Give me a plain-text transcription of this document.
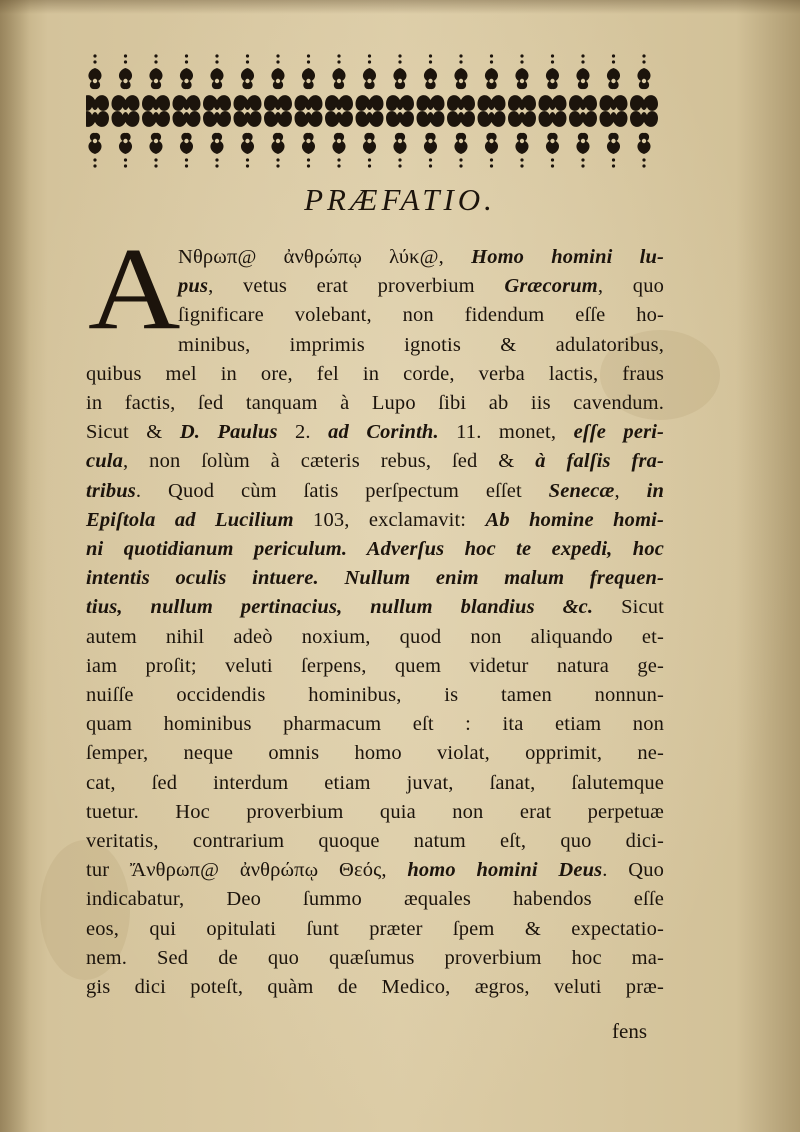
PRÆFATIO.
A
Nθρωπ@ ἀνθρώπῳ λύκ@, Homo homini lu-
pus, vetus erat proverbium Græcorum, quo
ſignificare volebant, non fidendum eſſe ho-
minibus, imprimis ignotis & adulatoribus,
quibus mel in ore, fel in corde, verba lactis, fraus
in factis, ſed tanquam à Lupo ſibi ab iis cavendum.
Sicut & D. Paulus 2. ad Corinth. 11. monet, eſſe peri-
cula, non ſolùm à cæteris rebus, ſed & à falſis fra-
tribus. Quod cùm ſatis perſpectum eſſet Senecæ, in
Epiſtola ad Lucilium 103, exclamavit: Ab homine homi-
ni quotidianum periculum. Adverſus hoc te expedi, hoc
intentis oculis intuere. Nullum enim malum frequen-
tius, nullum pertinacius, nullum blandius &c. Sicut
autem nihil adeò noxium, quod non aliquando et-
iam proſit; veluti ſerpens, quem videtur natura ge-
nuiſſe occidendis hominibus, is tamen nonnun-
quam hominibus pharmacum eſt : ita etiam non
ſemper, neque omnis homo violat, opprimit, ne-
cat, ſed interdum etiam juvat, ſanat, ſalutemque
tuetur. Hoc proverbium quia non erat perpetuæ
veritatis, contrarium quoque natum eſt, quo dici-
tur Ἄνθρωπ@ ἀνθρώπῳ Θεός, homo homini Deus. Quo
indicabatur, Deo ſummo æquales habendos eſſe
eos, qui opitulati ſunt præter ſpem & expectatio-
nem. Sed de quo quæſumus proverbium hoc ma-
gis dici poteſt, quàm de Medico, ægros, veluti præ-
fens
